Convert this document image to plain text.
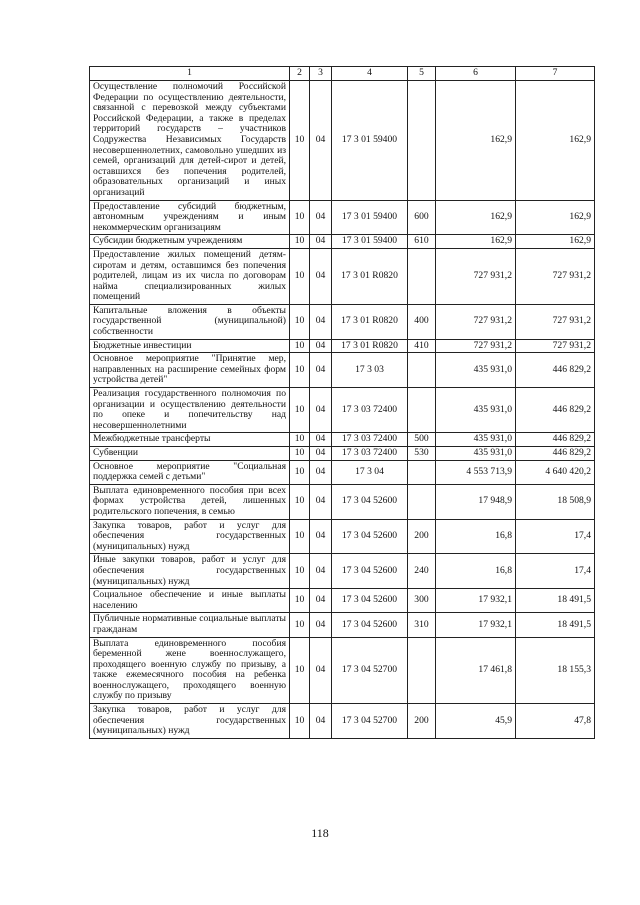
1	2	3	4	5	6	7
Осуществление полномочий Российской Федерации по осуществлению деятельности, связанной с перевозкой между субъектами Российской Федерации, а также в пределах территорий государств – участников Содружества Независимых Государств несовершеннолетних, самовольно ушедших из семей, организаций для детей-сирот и детей, оставшихся без попечения родителей, образовательных организаций и иных организаций	10	04	17 3 01 59400		162,9	162,9
Предоставление субсидий бюджетным, автономным учреждениям и иным некоммерческим организациям	10	04	17 3 01 59400	600	162,9	162,9
Субсидии бюджетным учреждениям	10	04	17 3 01 59400	610	162,9	162,9
Предоставление жилых помещений детям-сиротам и детям, оставшимся без попечения родителей, лицам из их числа по договорам найма специализированных жилых помещений	10	04	17 3 01 R0820		727 931,2	727 931,2
Капитальные вложения в объекты государственной (муниципальной) собственности	10	04	17 3 01 R0820	400	727 931,2	727 931,2
Бюджетные инвестиции	10	04	17 3 01 R0820	410	727 931,2	727 931,2
Основное мероприятие "Принятие мер, направленных на расширение семейных форм устройства детей"	10	04	17 3 03		435 931,0	446 829,2
Реализация государственного полномочия по организации и осуществлению деятельности по опеке и попечительству над несовершеннолетними	10	04	17 3 03 72400		435 931,0	446 829,2
Межбюджетные трансферты	10	04	17 3 03 72400	500	435 931,0	446 829,2
Субвенции	10	04	17 3 03 72400	530	435 931,0	446 829,2
Основное мероприятие "Социальная поддержка семей с детьми"	10	04	17 3 04		4 553 713,9	4 640 420,2
Выплата единовременного пособия при всех формах устройства детей, лишенных родительского попечения, в семью	10	04	17 3 04 52600		17 948,9	18 508,9
Закупка товаров, работ и услуг для обеспечения государственных (муниципальных) нужд	10	04	17 3 04 52600	200	16,8	17,4
Иные закупки товаров, работ и услуг для обеспечения государственных (муниципальных) нужд	10	04	17 3 04 52600	240	16,8	17,4
Социальное обеспечение и иные выплаты населению	10	04	17 3 04 52600	300	17 932,1	18 491,5
Публичные нормативные социальные выплаты гражданам	10	04	17 3 04 52600	310	17 932,1	18 491,5
Выплата единовременного пособия беременной жене военнослужащего, проходящего военную службу по призыву, а также ежемесячного пособия на ребенка военнослужащего, проходящего военную службу по призыву	10	04	17 3 04 52700		17 461,8	18 155,3
Закупка товаров, работ и услуг для обеспечения государственных (муниципальных) нужд	10	04	17 3 04 52700	200	45,9	47,8
118
